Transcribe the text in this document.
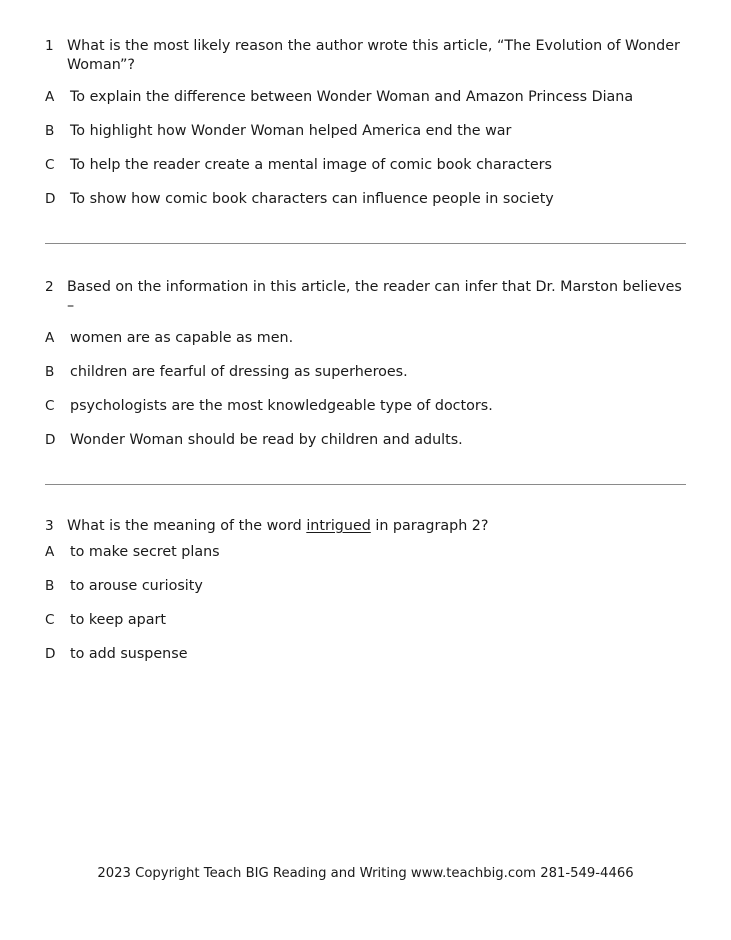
1 What is the most likely reason the author wrote this article, “The Evolution of Wonder Woman”?
A	To explain the difference between Wonder Woman and Amazon Princess Diana
B	To highlight how Wonder Woman helped America end the war
C	To help the reader create a mental image of comic book characters
D	To show how comic book characters can influence people in society
2 Based on the information in this article, the reader can infer that Dr. Marston believes –
A	women are as capable as men.
B	children are fearful of dressing as superheroes.
C	psychologists are the most knowledgeable type of doctors.
D	Wonder Woman should be read by children and adults.
3 What is the meaning of the word intrigued in paragraph 2?
A	to make secret plans
B	to arouse curiosity
C	to keep apart
D	to add suspense
2023 Copyright Teach BIG Reading and Writing www.teachbig.com 281-549-4466
